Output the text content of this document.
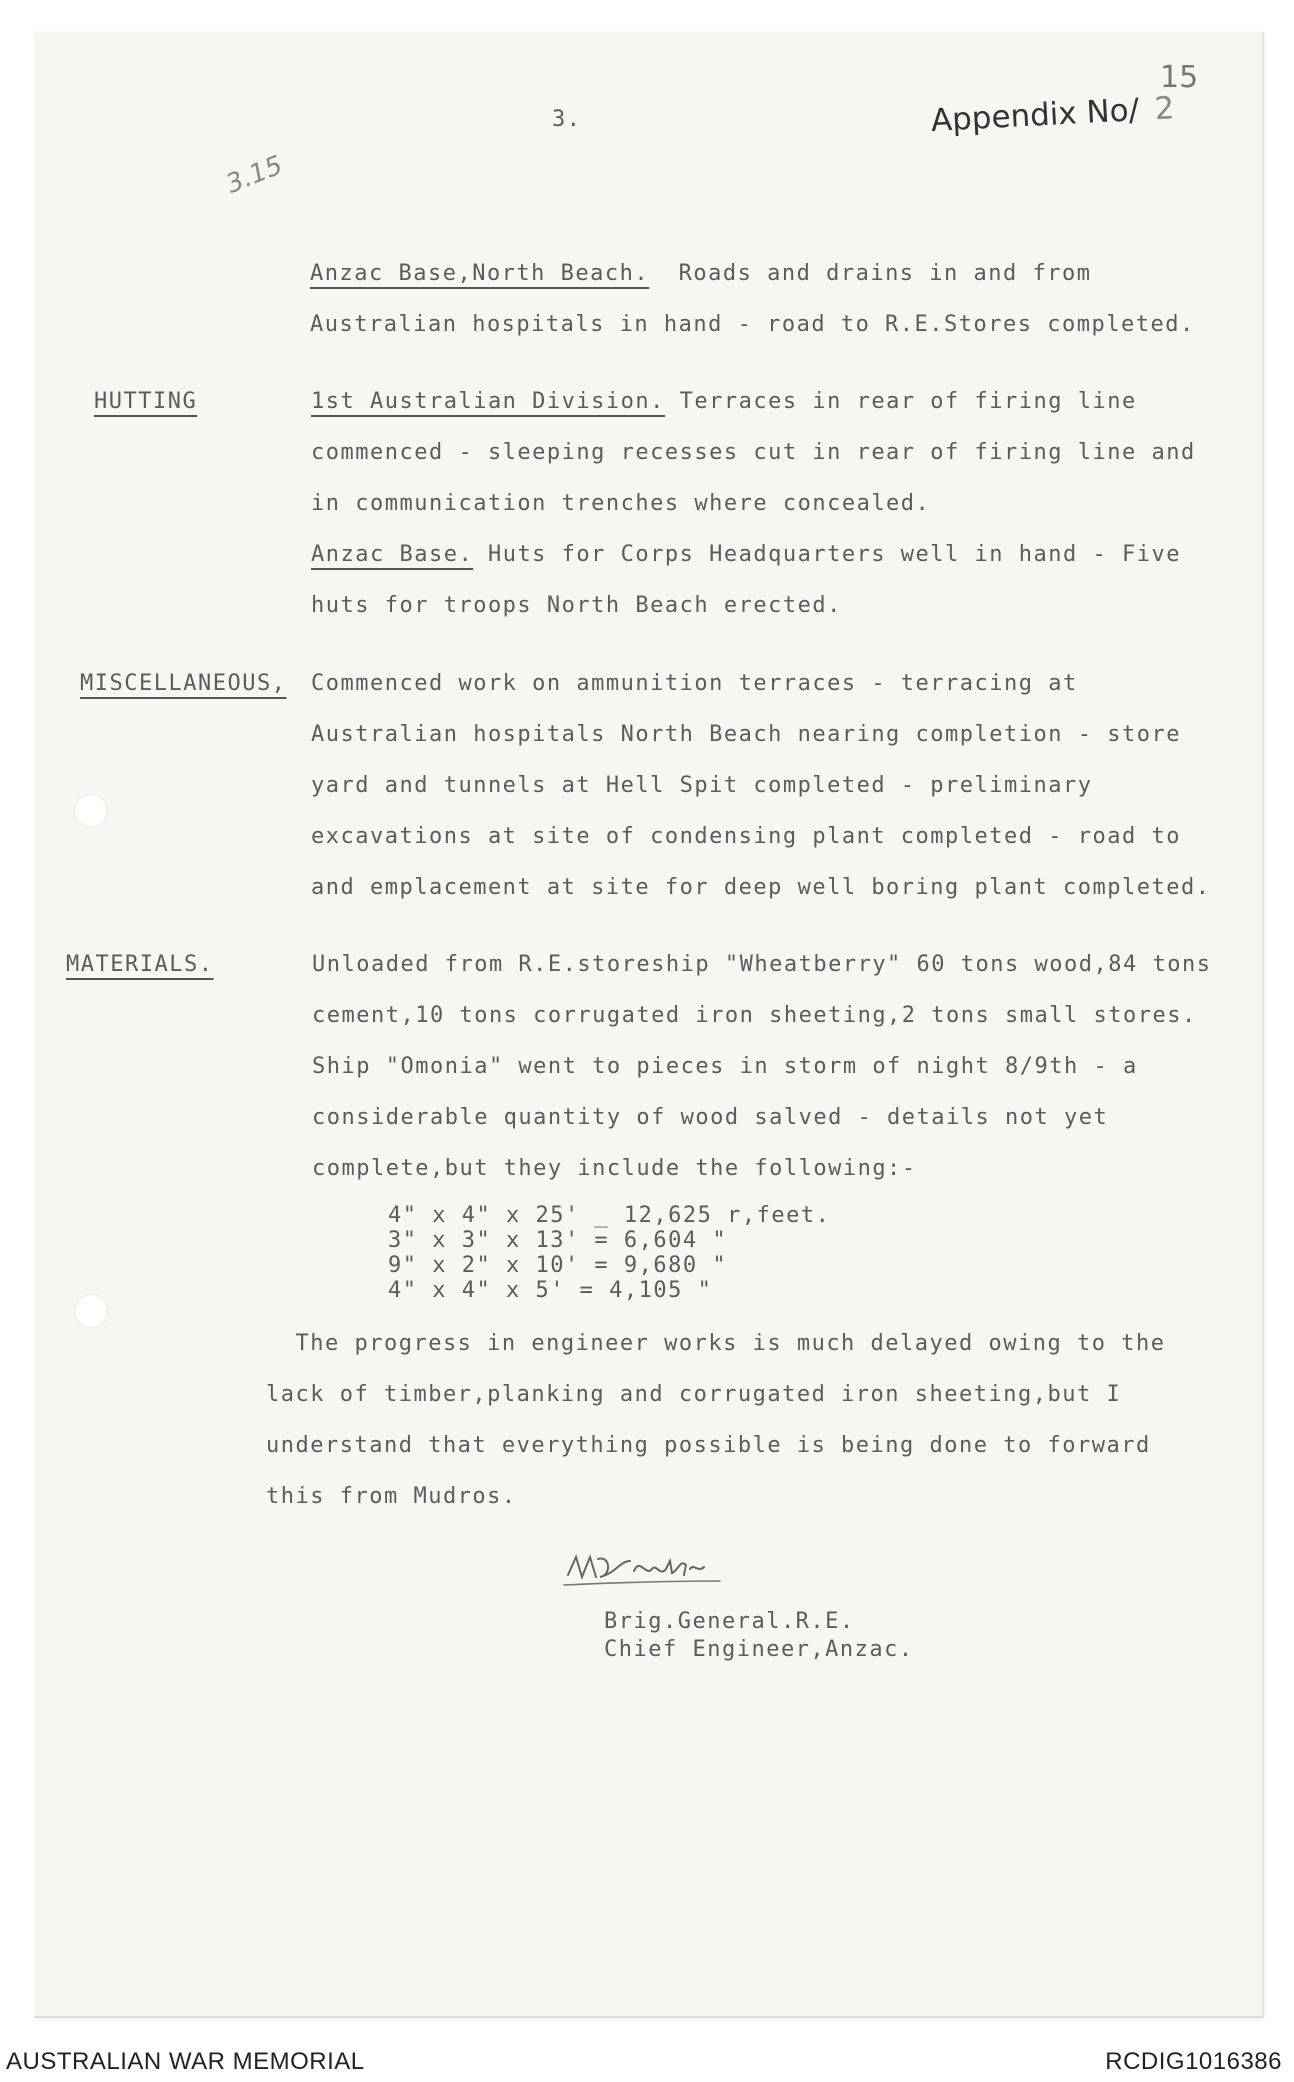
3.
15
Appendix No/ 2
3.15
Anzac Base,North Beach.  Roads and drains in and from
Australian hospitals in hand - road to R.E.Stores completed.
HUTTING	1st Australian Division. Terraces in rear of firing line
commenced - sleeping recesses cut in rear of firing line and
in communication trenches where concealed.
Anzac Base. Huts for Corps Headquarters well in hand - Five
huts for troops North Beach erected.
MISCELLANEOUS, Commenced work on ammunition terraces - terracing at
Australian hospitals North Beach nearing completion - store
yard and tunnels at Hell Spit completed - preliminary
excavations at site of condensing plant completed - road to
and emplacement at site for deep well boring plant completed.
MATERIALS.	Unloaded from R.E.storeship "Wheatberry" 60 tons wood,84 tons
cement,10 tons corrugated iron sheeting,2 tons small stores.
Ship "Omonia" went to pieces in storm of night 8/9th - a
considerable quantity of wood salved - details not yet
complete,but they include the following:-
4" x 4" x 25' _ 12,625 r,feet.
3" x 3" x 13' = 6,604 "
9" x 2" x 10' = 9,680 "
4" x 4" x 5' = 4,105 "
The progress in engineer works is much delayed owing to the
lack of timber,planking and corrugated iron sheeting,but I
understand that everything possible is being done to forward
this from Mudros.
Brig.General.R.E.
Chief Engineer,Anzac.
AUSTRALIAN WAR MEMORIAL	RCDIG1016386
